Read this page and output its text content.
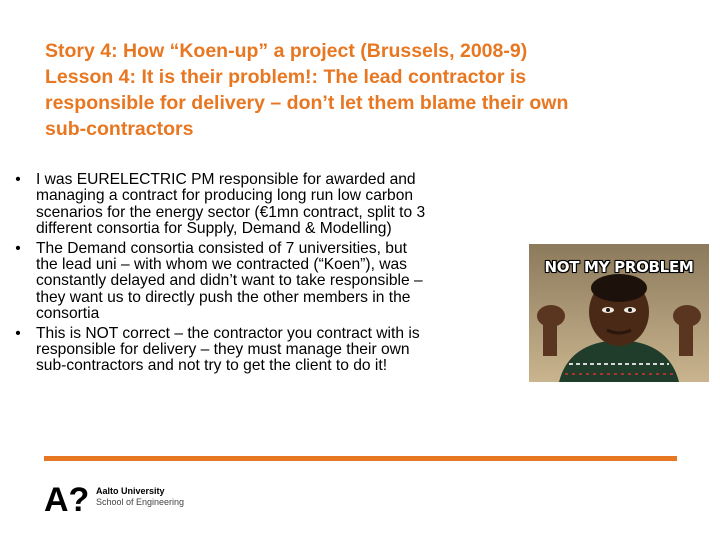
Story 4: How “Koen-up” a project (Brussels, 2008-9)
Lesson 4: It is their problem!: The lead contractor is
responsible for delivery – don’t let them blame their own
sub-contractors
• I was EURELECTRIC PM responsible for awarded and
managing a contract for producing long run low carbon
scenarios for the energy sector (€1mn contract, split to 3
different consortia for Supply, Demand & Modelling)
• The Demand consortia consisted of 7 universities, but
the lead uni – with whom we contracted (“Koen”), was
constantly delayed and didn’t want to take responsible –
they want us to directly push the other members in the
consortia
• This is NOT correct – the contractor you contract with is
responsible for delivery – they must manage their own
sub-contractors and not try to get the client to do it!
NOT MY PROBLEM
A? Aalto University
School of Engineering
